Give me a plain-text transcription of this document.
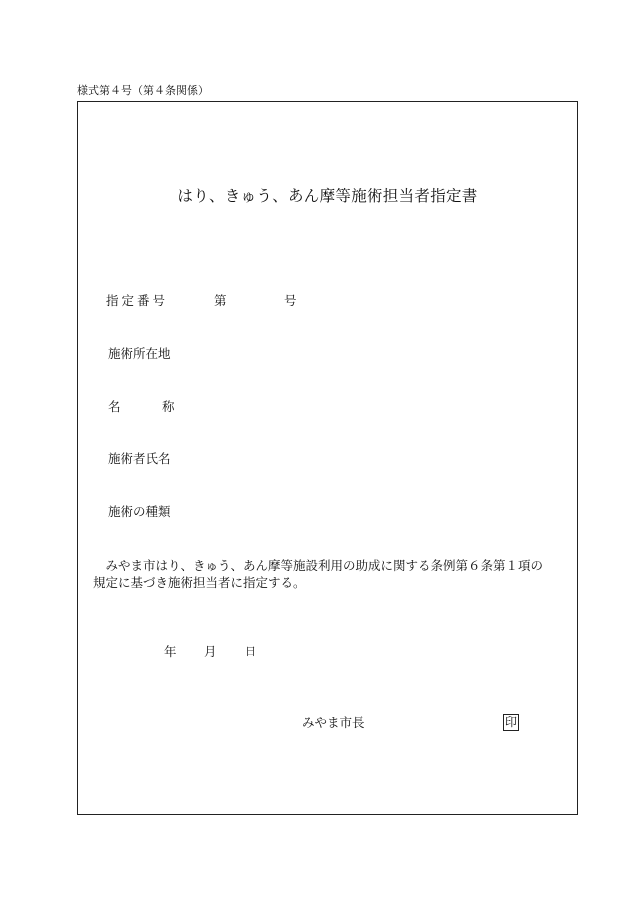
様式第４号（第４条関係）
はり、きゅう、あん摩等施術担当者指定書
指定番号	第	号
施術所在地
名	称
施術者氏名
施術の種類
みやま市はり、きゅう、あん摩等施設利用の助成に関する条例第６条第１項の規定に基づき施術担当者に指定する。
年 月	日
みやま市長	印
